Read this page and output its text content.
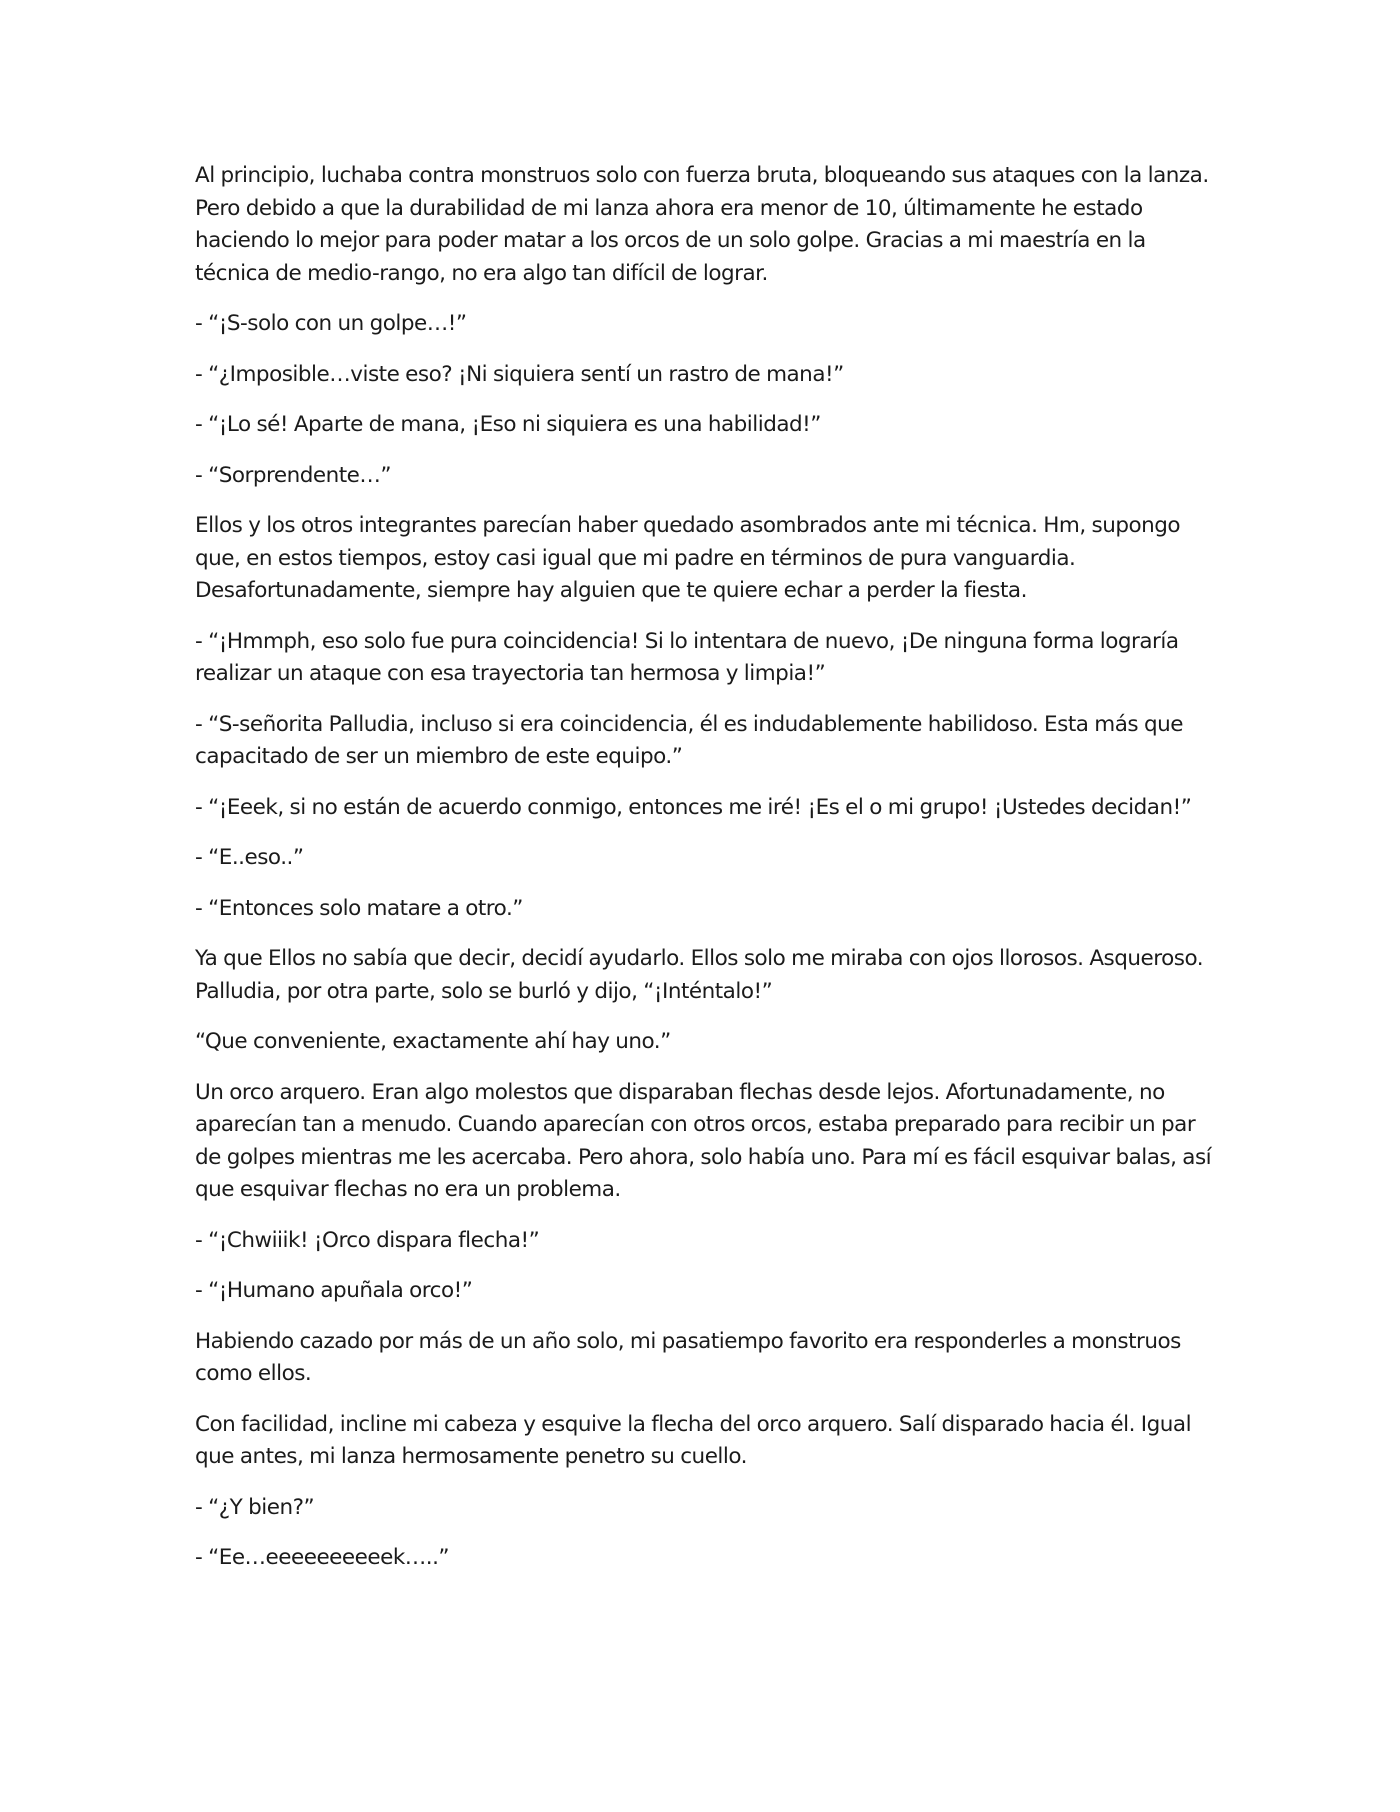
Al principio, luchaba contra monstruos solo con fuerza bruta, bloqueando sus ataques con la lanza. Pero debido a que la durabilidad de mi lanza ahora era menor de 10, últimamente he estado haciendo lo mejor para poder matar a los orcos de un solo golpe. Gracias a mi maestría en la técnica de medio-rango, no era algo tan difícil de lograr.

- “¡S-solo con un golpe…!”

- “¿Imposible…viste eso? ¡Ni siquiera sentí un rastro de mana!”

- “¡Lo sé! Aparte de mana, ¡Eso ni siquiera es una habilidad!”

- “Sorprendente…”

Ellos y los otros integrantes parecían haber quedado asombrados ante mi técnica. Hm, supongo que, en estos tiempos, estoy casi igual que mi padre en términos de pura vanguardia. Desafortunadamente, siempre hay alguien que te quiere echar a perder la fiesta.

- “¡Hmmph, eso solo fue pura coincidencia! Si lo intentara de nuevo, ¡De ninguna forma lograría realizar un ataque con esa trayectoria tan hermosa y limpia!”

- “S-señorita Palludia, incluso si era coincidencia, él es indudablemente habilidoso. Esta más que capacitado de ser un miembro de este equipo.”

- “¡Eeek, si no están de acuerdo conmigo, entonces me iré! ¡Es el o mi grupo! ¡Ustedes decidan!”

- “E..eso..”

- “Entonces solo matare a otro.”

Ya que Ellos no sabía que decir, decidí ayudarlo. Ellos solo me miraba con ojos llorosos. Asqueroso. Palludia, por otra parte, solo se burló y dijo, “¡Inténtalo!”

“Que conveniente, exactamente ahí hay uno.”

Un orco arquero. Eran algo molestos que disparaban flechas desde lejos. Afortunadamente, no aparecían tan a menudo. Cuando aparecían con otros orcos, estaba preparado para recibir un par de golpes mientras me les acercaba. Pero ahora, solo había uno. Para mí es fácil esquivar balas, así que esquivar flechas no era un problema.

- “¡Chwiiik! ¡Orco dispara flecha!”

- “¡Humano apuñala orco!”

Habiendo cazado por más de un año solo, mi pasatiempo favorito era responderles a monstruos como ellos.

Con facilidad, incline mi cabeza y esquive la flecha del orco arquero. Salí disparado hacia él. Igual que antes, mi lanza hermosamente penetro su cuello.

- “¿Y bien?”

- “Ee…eeeeeeeeeek…..”
